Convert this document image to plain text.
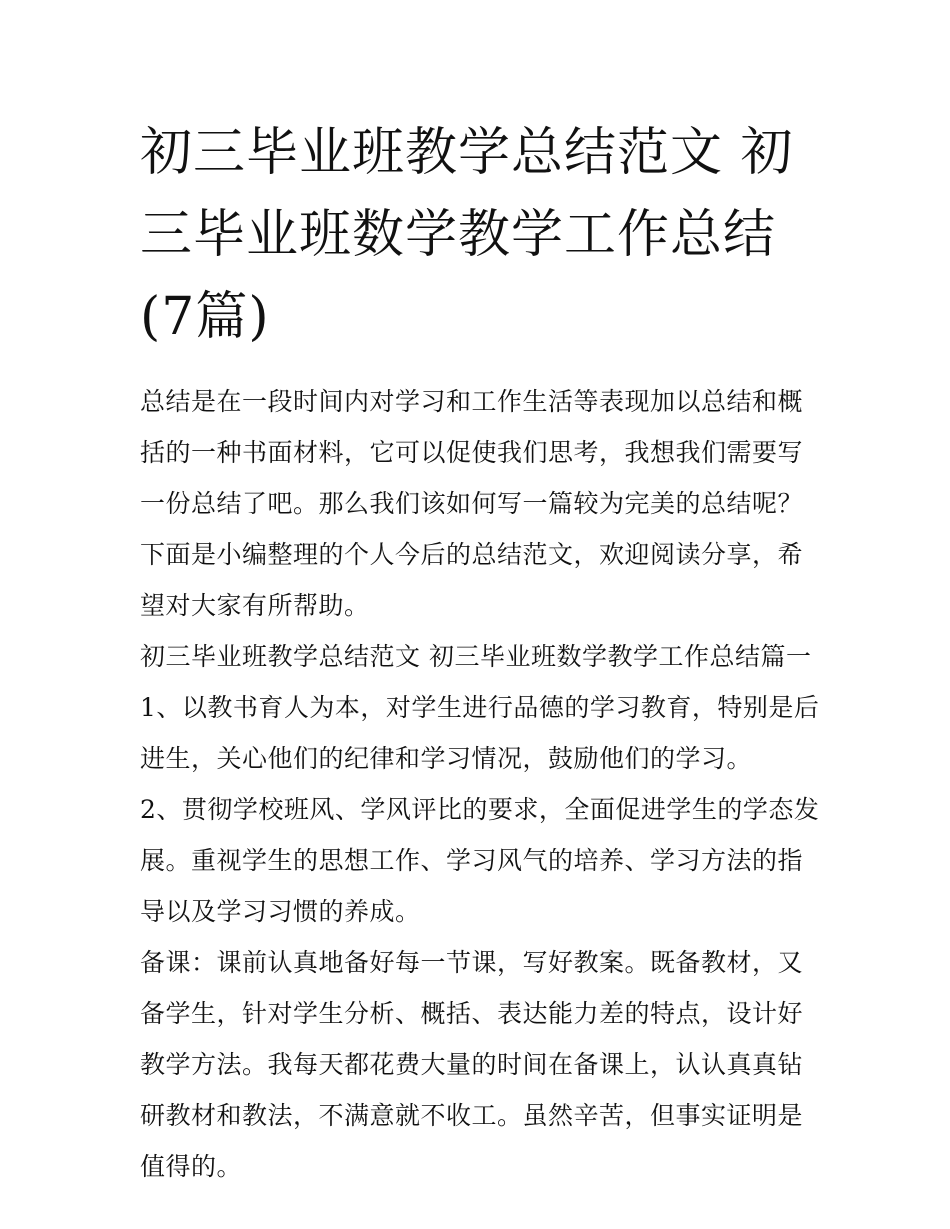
初三毕业班教学总结范文 初三毕业班数学教学工作总结(7篇)

总结是在一段时间内对学习和工作生活等表现加以总结和概括的一种书面材料，它可以促使我们思考，我想我们需要写一份总结了吧。那么我们该如何写一篇较为完美的总结呢？下面是小编整理的个人今后的总结范文，欢迎阅读分享，希望对大家有所帮助。

初三毕业班教学总结范文 初三毕业班数学教学工作总结篇一

1、以教书育人为本，对学生进行品德的学习教育，特别是后进生，关心他们的纪律和学习情况，鼓励他们的学习。

2、贯彻学校班风、学风评比的要求，全面促进学生的学态发展。重视学生的思想工作、学习风气的培养、学习方法的指导以及学习习惯的养成。

备课：课前认真地备好每一节课，写好教案。既备教材，又备学生，针对学生分析、概括、表达能力差的特点，设计好教学方法。我每天都花费大量的时间在备课上，认认真真钻研教材和教法，不满意就不收工。虽然辛苦，但事实证明是值得的。
